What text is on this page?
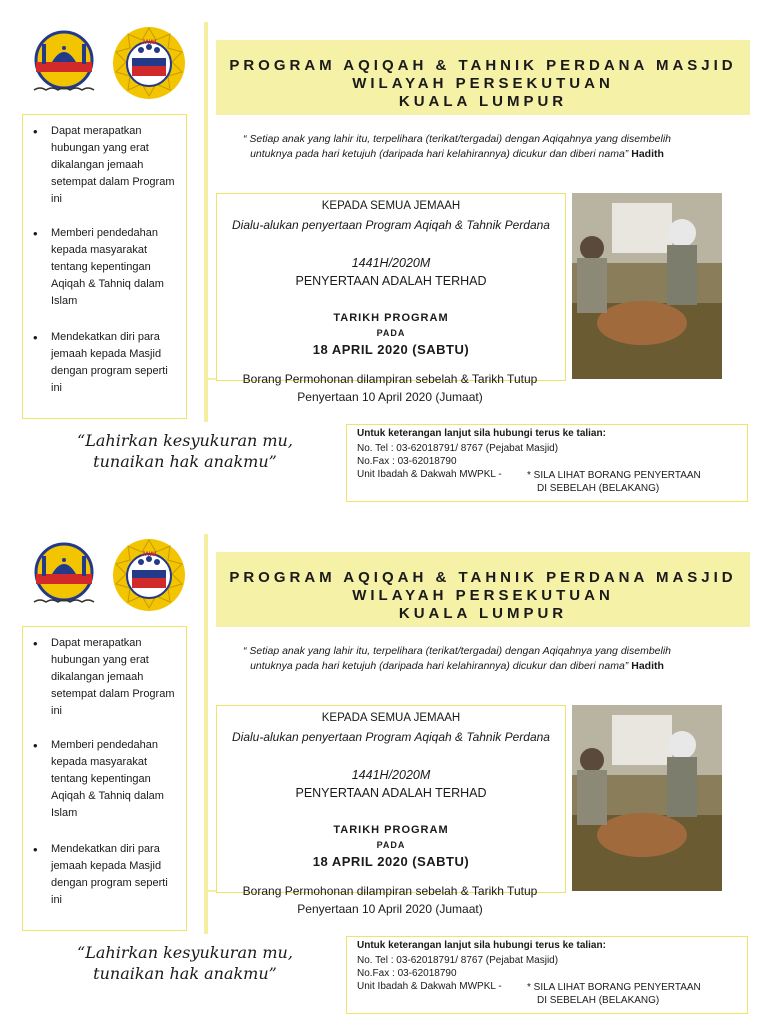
JAWI
PROGRAM AQIQAH & TAHNIK PERDANA MASJID
WILAYAH PERSEKUTUAN
KUALA LUMPUR
• Dapat merapatkan hubungan yang erat dikalangan jemaah setempat dalam Program ini
• Memberi pendedahan kepada masyarakat tentang kepentingan Aqiqah & Tahniq dalam Islam
• Mendekatkan diri para jemaah kepada Masjid dengan program seperti ini
“ Setiap anak yang lahir itu, terpelihara (terikat/tergadai) dengan Aqiqahnya yang disembelih untuknya pada hari ketujuh (daripada hari kelahirannya) dicukur dan diberi nama” Hadith
KEPADA SEMUA JEMAAH
Dialu-alukan penyertaan Program Aqiqah & Tahnik Perdana
1441H/2020M
PENYERTAAN ADALAH TERHAD
TARIKH PROGRAM
PADA
18 APRIL 2020 (SABTU)
Borang Permohonan dilampiran sebelah & Tarikh Tutup
Penyertaan 10 April 2020 (Jumaat)
“Lahirkan kesyukuran mu,
tunaikan hak anakmu”
Untuk keterangan lanjut sila hubungi terus ke talian:
No. Tel : 03-62018791/ 8767 (Pejabat Masjid)
No.Fax : 03-62018790
Unit Ibadah & Dakwah MWPKL -	* SILA LIHAT BORANG PENYERTAAN
DI SEBELAH (BELAKANG)
JAWI
PROGRAM AQIQAH & TAHNIK PERDANA MASJID
WILAYAH PERSEKUTUAN
KUALA LUMPUR
• Dapat merapatkan hubungan yang erat dikalangan jemaah setempat dalam Program ini
• Memberi pendedahan kepada masyarakat tentang kepentingan Aqiqah & Tahniq dalam Islam
• Mendekatkan diri para jemaah kepada Masjid dengan program seperti ini
“ Setiap anak yang lahir itu, terpelihara (terikat/tergadai) dengan Aqiqahnya yang disembelih untuknya pada hari ketujuh (daripada hari kelahirannya) dicukur dan diberi nama” Hadith
KEPADA SEMUA JEMAAH
Dialu-alukan penyertaan Program Aqiqah & Tahnik Perdana
1441H/2020M
PENYERTAAN ADALAH TERHAD
TARIKH PROGRAM
PADA
18 APRIL 2020 (SABTU)
Borang Permohonan dilampiran sebelah & Tarikh Tutup
Penyertaan 10 April 2020 (Jumaat)
“Lahirkan kesyukuran mu,
tunaikan hak anakmu”
Untuk keterangan lanjut sila hubungi terus ke talian:
No. Tel : 03-62018791/ 8767 (Pejabat Masjid)
No.Fax : 03-62018790
Unit Ibadah & Dakwah MWPKL -	* SILA LIHAT BORANG PENYERTAAN
DI SEBELAH (BELAKANG)
